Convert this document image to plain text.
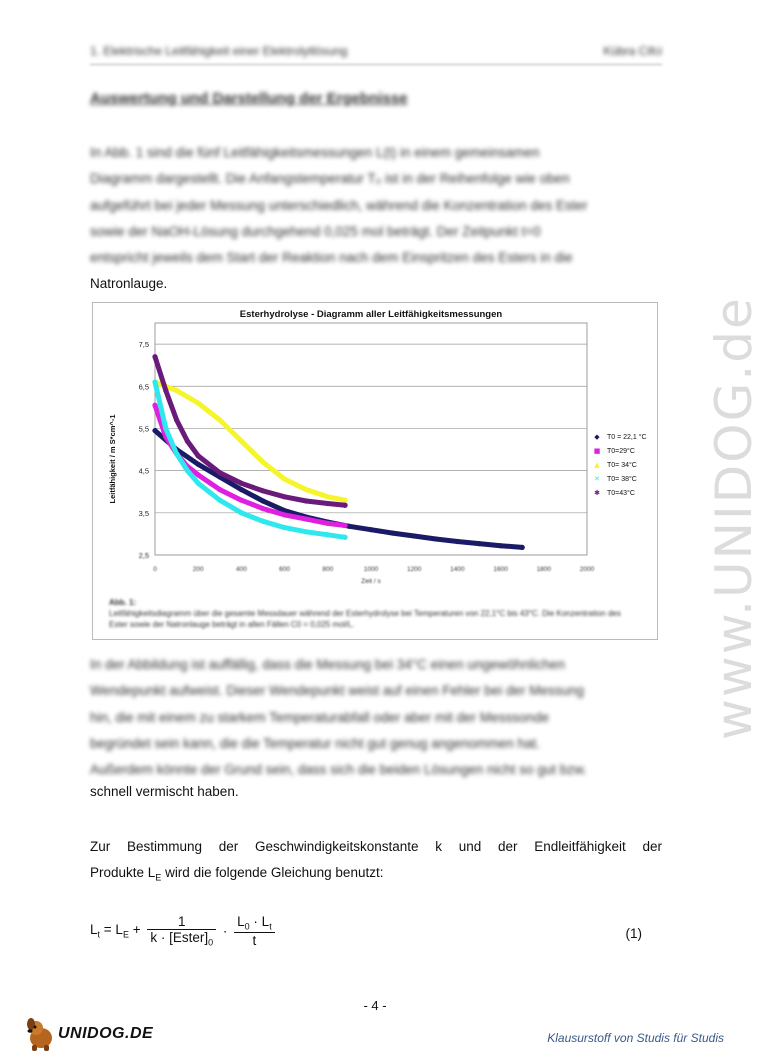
1. Elektrische Leitfähigkeit einer Elektrolytlösung	Kübra Cifci
Auswertung und Darstellung der Ergebnisse
In Abb. 1 sind die fünf Leitfähigkeitsmessungen L(t) in einem gemeinsamen
Diagramm dargestellt. Die Anfangstemperatur T₀ ist in der Reihenfolge wie oben
aufgeführt bei jeder Messung unterschiedlich, während die Konzentration des Ester
sowie der NaOH-Lösung durchgehend 0,025 mol beträgt. Der Zeitpunkt t=0
entspricht jeweils dem Start der Reaktion nach dem Einspritzen des Esters in die
Natronlauge.
Esterhydrolyse - Diagramm aller Leitfähigkeitsmessungen
2,5
3,5
4,5
5,5
6,5
7,5
Leitfähigkeit / m S*cm^-1
0	200	400	600	800	1000	1200	1400	1600	1800	2000
Zeit / s
◆ T0 = 22,1 °C
■ T0=29°C
▲ T0= 34°C
✕ T0= 38°C
✱ T0=43°C
Abb. 1:
Leitfähigkeitsdiagramm über die gesamte Messdauer während der Esterhydrolyse bei Temperaturen von 22,1°C bis 43°C. Die Konzentration des Ester sowie der Natronlauge beträgt in allen Fällen C0 = 0,025 mol/L.
In der Abbildung ist auffällig, dass die Messung bei 34°C einen ungewöhnlichen
Wendepunkt aufweist. Dieser Wendepunkt weist auf einen Fehler bei der Messung
hin, die mit einem zu starkem Temperaturabfall oder aber mit der Messsonde
begründet sein kann, die die Temperatur nicht gut genug angenommen hat.
Außerdem könnte der Grund sein, dass sich die beiden Lösungen nicht so gut bzw.
schnell vermischt haben.
Zur Bestimmung der Geschwindigkeitskonstante k und der Endleitfähigkeit der
Produkte $L_E$ wird die folgende Gleichung benutzt:
$L_t = L_E + \frac{1}{k \cdot [Ester]_0} \cdot \frac{L_0 \cdot L_t}{t}$	(1)
- 4 -
www.UNIDOG.de
UNIDOG.DE	Klausurstoff von Studis für Studis
